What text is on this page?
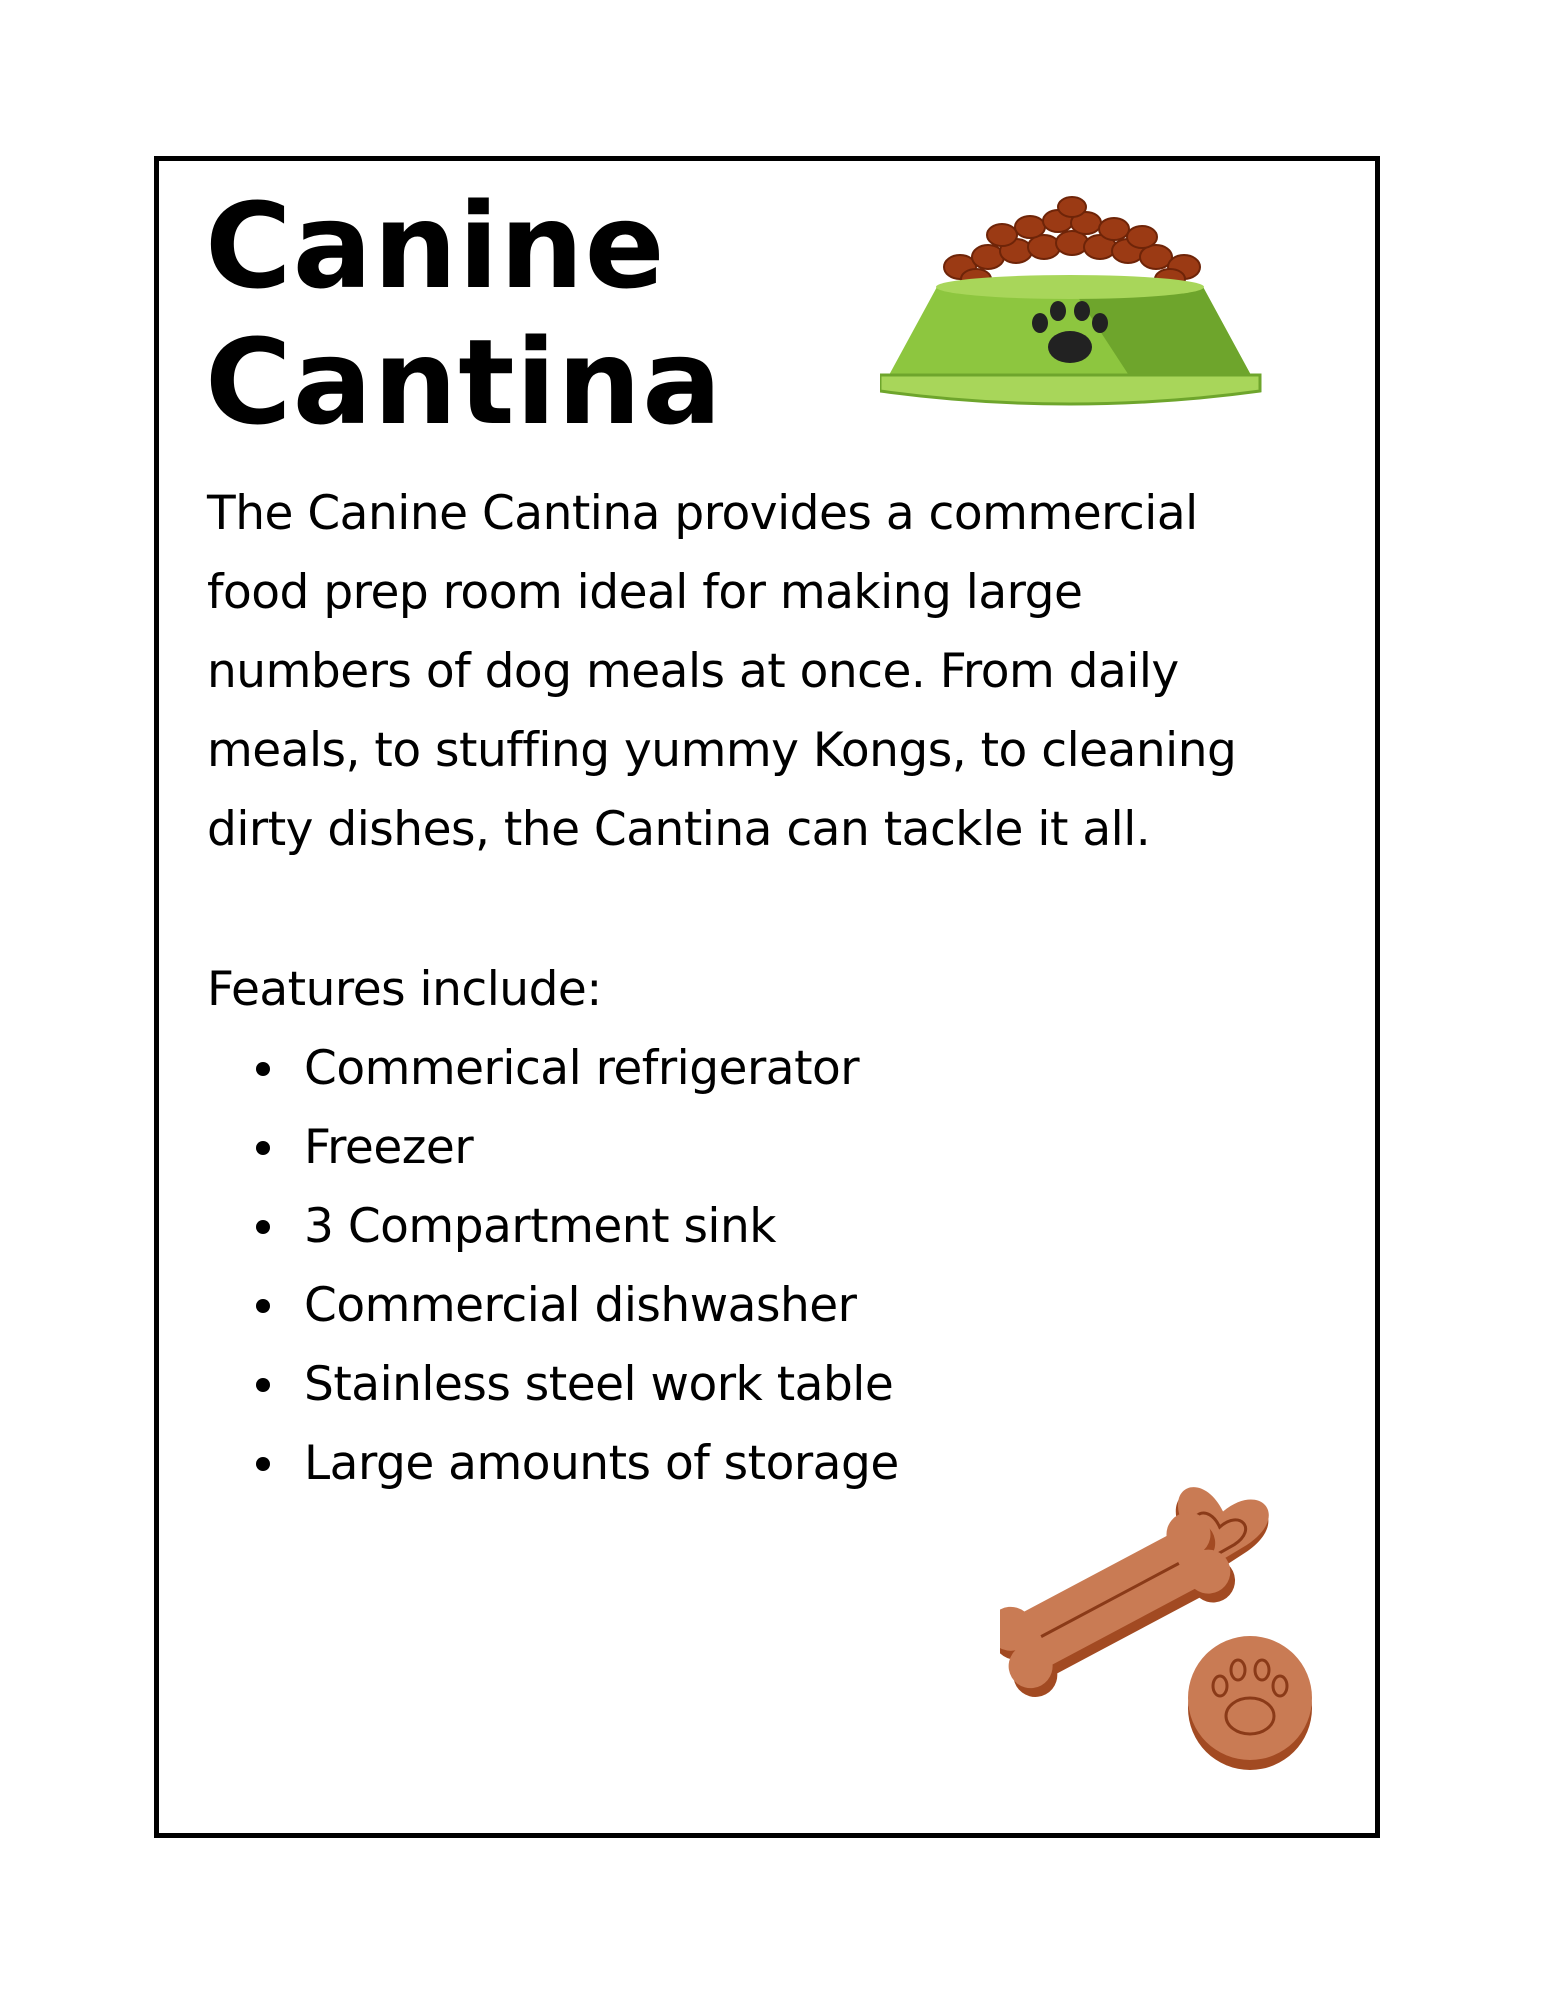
Canine
Cantina

The Canine Cantina provides a commercial food prep room ideal for making large numbers of dog meals at once. From daily meals, to stuffing yummy Kongs, to cleaning dirty dishes, the Cantina can tackle it all.

Features include:

Commerical refrigerator
Freezer
3 Compartment sink
Commercial dishwasher
Stainless steel work table
Large amounts of storage
